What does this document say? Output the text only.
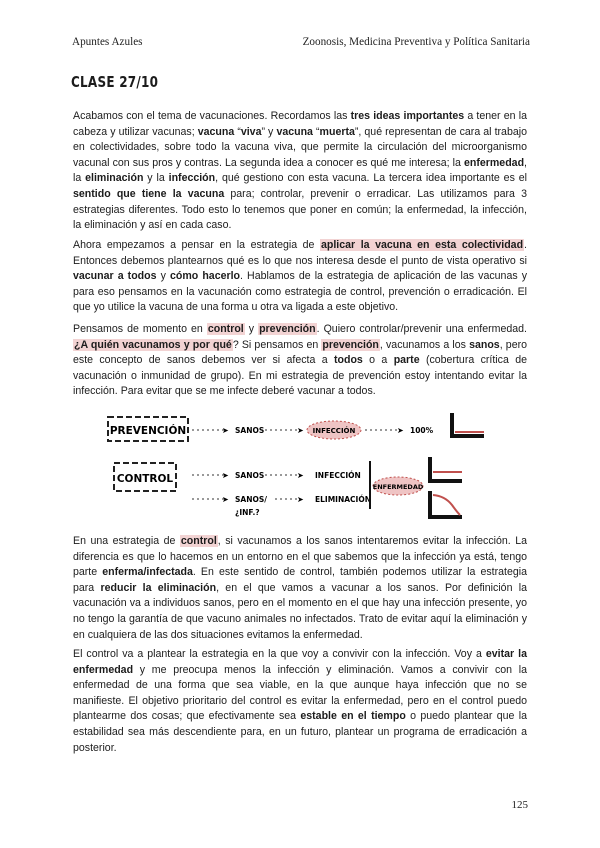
Apuntes Azules	Zoonosis, Medicina Preventiva y Política Sanitaria
CLASE 27/10

Acabamos con el tema de vacunaciones. Recordamos las tres ideas importantes a tener en la cabeza y utilizar vacunas; vacuna “viva” y vacuna “muerta”, qué representan de cara al trabajo en colectividades, sobre todo la vacuna viva, que permite la circulación del microorganismo vacunal con sus pros y contras. La segunda idea a conocer es qué me interesa; la enfermedad, la eliminación y la infección, qué gestiono con esta vacuna. La tercera idea importante es el sentido que tiene la vacuna para; controlar, prevenir o erradicar. Las utilizamos para 3 estrategias diferentes. Todo esto lo tenemos que poner en común; la enfermedad, la infección, la eliminación y así en cada caso.

Ahora empezamos a pensar en la estrategia de aplicar la vacuna en esta colectividad. Entonces debemos plantearnos qué es lo que nos interesa desde el punto de vista operativo si vacunar a todos y cómo hacerlo. Hablamos de la estrategia de aplicación de las vacunas y para eso pensamos en la vacunación como estrategia de control, prevención o erradicación. El que yo utilice la vacuna de una forma u otra va ligada a este objetivo.

Pensamos de momento en control y prevención. Quiero controlar/prevenir una enfermedad. ¿A quién vacunamos y por qué? Si pensamos en prevención, vacunamos a los sanos, pero este concepto de sanos debemos ver si afecta a todos o a parte (cobertura crítica de vacunación o inmunidad de grupo). En mi estrategia de prevención estoy intentando evitar la infección. Para evitar que se me infecte deberé vacunar a todos.

PREVENCIÓN	➤ SANOS	➤ INFECCIÓN	➤ 100%
CONTROL	➤ SANOS	➤ INFECCIÓN
➤ SANOS/
¿INF.?
➤ ELIMINACIÓN
ENFERMEDAD

En una estrategia de control, si vacunamos a los sanos intentaremos evitar la infección. La diferencia es que lo hacemos en un entorno en el que sabemos que la infección ya está, tengo parte enferma/infectada. En este sentido de control, también podemos utilizar la estrategia para reducir la eliminación, en el que vamos a vacunar a los sanos. Por definición la vacunación va a individuos sanos, pero en el momento en el que hay una infección presente, yo no tengo la garantía de que vacuno animales no infectados. Trato de evitar aquí la eliminación y en cualquiera de las dos situaciones evitamos la enfermedad.

El control va a plantear la estrategia en la que voy a convivir con la infección. Voy a evitar la enfermedad y me preocupa menos la infección y eliminación. Vamos a convivir con la enfermedad de una forma que sea viable, en la que aunque haya infección que no se manifieste. El objetivo prioritario del control es evitar la enfermedad, pero en el control puedo plantearme dos cosas; que efectivamente sea estable en el tiempo o puedo plantear que la estabilidad sea más descendiente para, en un futuro, plantear un programa de erradicación a posterior.

125
